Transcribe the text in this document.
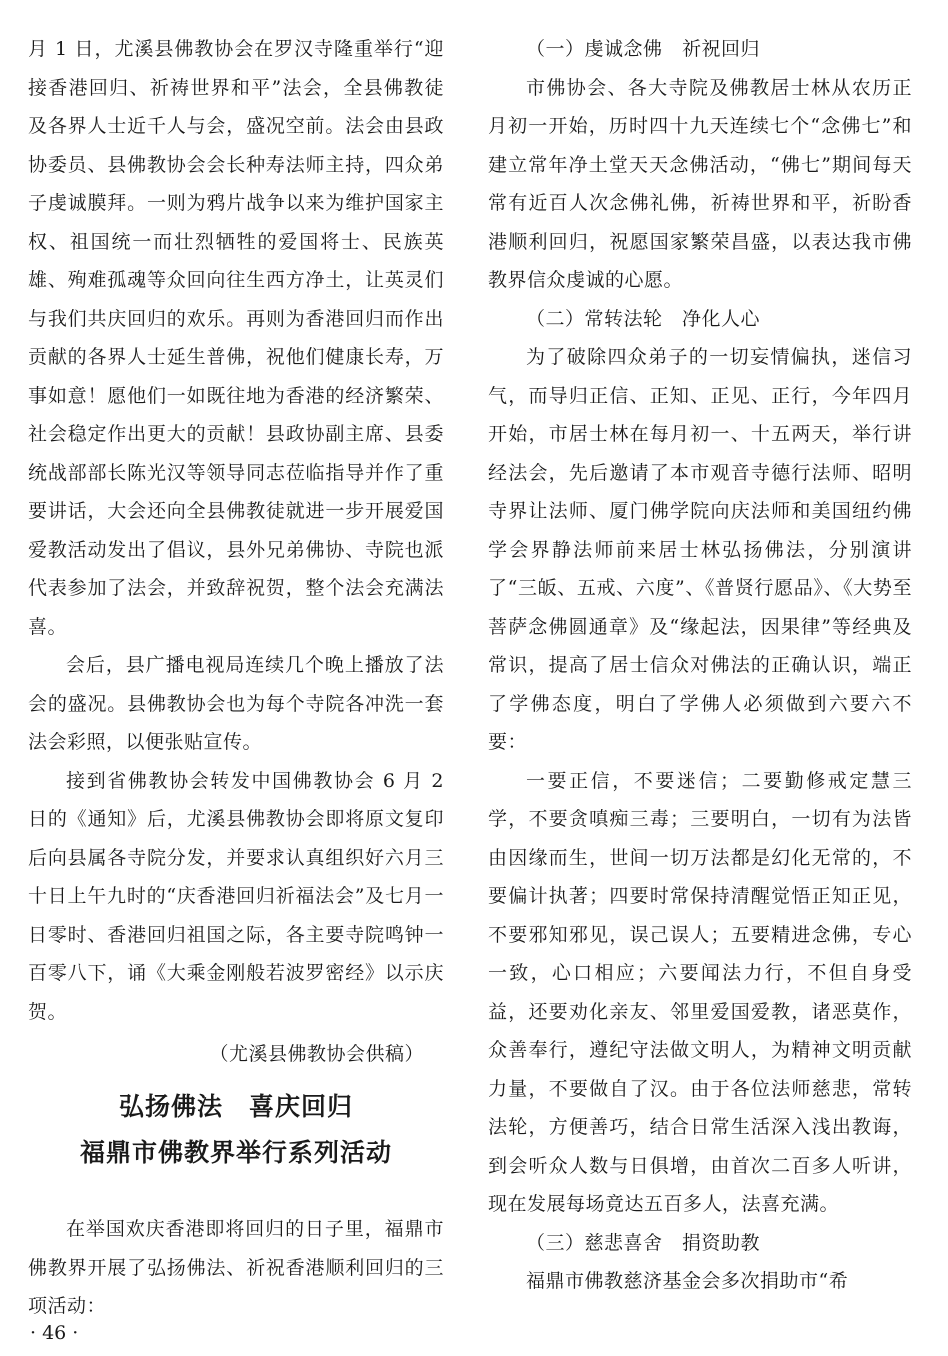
月 1 日，尤溪县佛教协会在罗汉寺隆重举行“迎接香港回归、祈祷世界和平”法会，全县佛教徒及各界人士近千人与会，盛况空前。法会由县政协委员、县佛教协会会长种寿法师主持，四众弟子虔诚膜拜。一则为鸦片战争以来为维护国家主权、祖国统一而壮烈牺牲的爱国将士、民族英雄、殉难孤魂等众回向往生西方净土，让英灵们与我们共庆回归的欢乐。再则为香港回归而作出贡献的各界人士延生普佛，祝他们健康长寿，万事如意！愿他们一如既往地为香港的经济繁荣、社会稳定作出更大的贡献！县政协副主席、县委统战部部长陈光汉等领导同志莅临指导并作了重要讲话，大会还向全县佛教徒就进一步开展爱国爱教活动发出了倡议，县外兄弟佛协、寺院也派代表参加了法会，并致辞祝贺，整个法会充满法喜。

会后，县广播电视局连续几个晚上播放了法会的盛况。县佛教协会也为每个寺院各冲洗一套法会彩照，以便张贴宣传。

接到省佛教协会转发中国佛教协会 6 月 2 日的《通知》后，尤溪县佛教协会即将原文复印后向县属各寺院分发，并要求认真组织好六月三十日上午九时的“庆香港回归祈福法会”及七月一日零时、香港回归祖国之际，各主要寺院鸣钟一百零八下，诵《大乘金刚般若波罗密经》以示庆贺。

（尤溪县佛教协会供稿）

弘扬佛法　喜庆回归
福鼎市佛教界举行系列活动

在举国欢庆香港即将回归的日子里，福鼎市佛教界开展了弘扬佛法、祈祝香港顺利回归的三项活动：

（一）虔诚念佛　祈祝回归

市佛协会、各大寺院及佛教居士林从农历正月初一开始，历时四十九天连续七个“念佛七”和建立常年净土堂天天念佛活动，“佛七”期间每天常有近百人次念佛礼佛，祈祷世界和平，祈盼香港顺利回归，祝愿国家繁荣昌盛，以表达我市佛教界信众虔诚的心愿。

（二）常转法轮　净化人心

为了破除四众弟子的一切妄情偏执，迷信习气，而导归正信、正知、正见、正行，今年四月开始，市居士林在每月初一、十五两天，举行讲经法会，先后邀请了本市观音寺德行法师、昭明寺界让法师、厦门佛学院向庆法师和美国纽约佛学会界静法师前来居士林弘扬佛法，分别演讲了“三皈、五戒、六度”、《普贤行愿品》、《大势至菩萨念佛圆通章》及“缘起法，因果律”等经典及常识，提高了居士信众对佛法的正确认识，端正了学佛态度，明白了学佛人必须做到六要六不要：

一要正信，不要迷信；二要勤修戒定慧三学，不要贪嗔痴三毒；三要明白，一切有为法皆由因缘而生，世间一切万法都是幻化无常的，不要偏计执著；四要时常保持清醒觉悟正知正见，不要邪知邪见，误己误人；五要精进念佛，专心一致，心口相应；六要闻法力行，不但自身受益，还要劝化亲友、邻里爱国爱教，诸恶莫作，众善奉行，遵纪守法做文明人，为精神文明贡献力量，不要做自了汉。由于各位法师慈悲，常转法轮，方便善巧，结合日常生活深入浅出教诲，到会听众人数与日俱增，由首次二百多人听讲，现在发展每场竟达五百多人，法喜充满。

（三）慈悲喜舍　捐资助教

福鼎市佛教慈济基金会多次捐助市“希

· 46 ·
